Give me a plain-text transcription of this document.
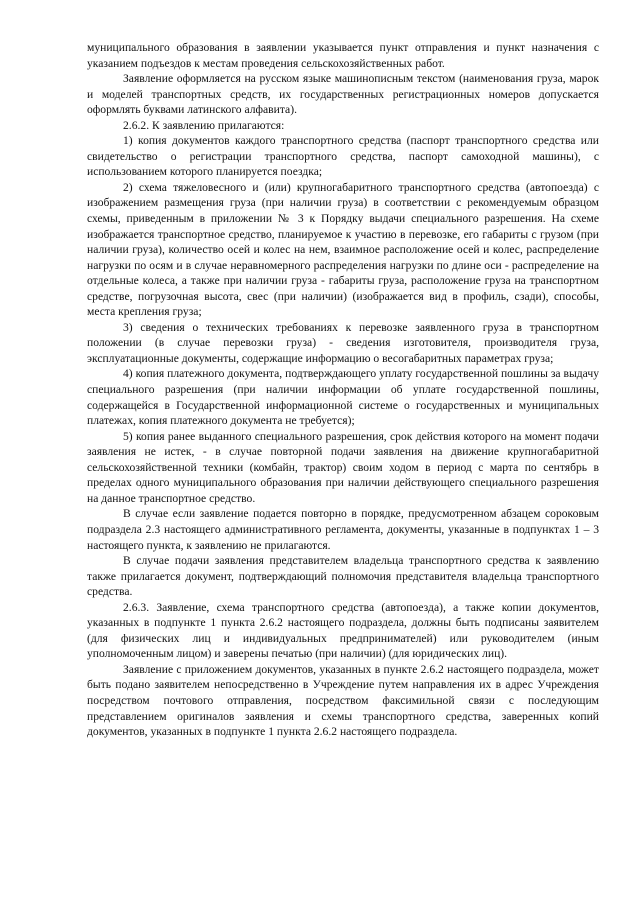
муниципального образования в заявлении указывается пункт отправления и пункт назначения с указанием подъездов к местам проведения сельскохозяйственных работ.

Заявление оформляется на русском языке машинописным текстом (наименования груза, марок и моделей транспортных средств, их государственных регистрационных номеров допускается оформлять буквами латинского алфавита).

2.6.2. К заявлению прилагаются:

1) копия документов каждого транспортного средства (паспорт транспортного средства или свидетельство о регистрации транспортного средства, паспорт самоходной машины), с использованием которого планируется поездка;

2) схема тяжеловесного и (или) крупногабаритного транспортного средства (автопоезда) с изображением размещения груза (при наличии груза) в соответствии с рекомендуемым образцом схемы, приведенным в приложении № 3 к Порядку выдачи специального разрешения. На схеме изображается транспортное средство, планируемое к участию в перевозке, его габариты с грузом (при наличии груза), количество осей и колес на нем, взаимное расположение осей и колес, распределение нагрузки по осям и в случае неравномерного распределения нагрузки по длине оси - распределение на отдельные колеса, а также при наличии груза - габариты груза, расположение груза на транспортном средстве, погрузочная высота, свес (при наличии) (изображается вид в профиль, сзади), способы, места крепления груза;

3) сведения о технических требованиях к перевозке заявленного груза в транспортном положении (в случае перевозки груза) - сведения изготовителя, производителя груза, эксплуатационные документы, содержащие информацию о весогабаритных параметрах груза;

4) копия платежного документа, подтверждающего уплату государственной пошлины за выдачу специального разрешения (при наличии информации об уплате государственной пошлины, содержащейся в Государственной информационной системе о государственных и муниципальных платежах, копия платежного документа не требуется);

5) копия ранее выданного специального разрешения, срок действия которого на момент подачи заявления не истек, - в случае повторной подачи заявления на движение крупногабаритной сельскохозяйственной техники (комбайн, трактор) своим ходом в период с марта по сентябрь в пределах одного муниципального образования при наличии действующего специального разрешения на данное транспортное средство.

В случае если заявление подается повторно в порядке, предусмотренном абзацем сороковым подраздела 2.3 настоящего административного регламента, документы, указанные в подпунктах 1 – 3 настоящего пункта, к заявлению не прилагаются.

В случае подачи заявления представителем владельца транспортного средства к заявлению также прилагается документ, подтверждающий полномочия представителя владельца транспортного средства.

2.6.3. Заявление, схема транспортного средства (автопоезда), а также копии документов, указанных в подпункте 1 пункта 2.6.2 настоящего подраздела, должны быть подписаны заявителем (для физических лиц и индивидуальных предпринимателей) или руководителем (иным уполномоченным лицом) и заверены печатью (при наличии) (для юридических лиц).

Заявление с приложением документов, указанных в пункте 2.6.2 настоящего подраздела, может быть подано заявителем непосредственно в Учреждение путем направления их в адрес Учреждения посредством почтового отправления, посредством факсимильной связи с последующим представлением оригиналов заявления и схемы транспортного средства, заверенных копий документов, указанных в подпункте 1 пункта 2.6.2 настоящего подраздела.
